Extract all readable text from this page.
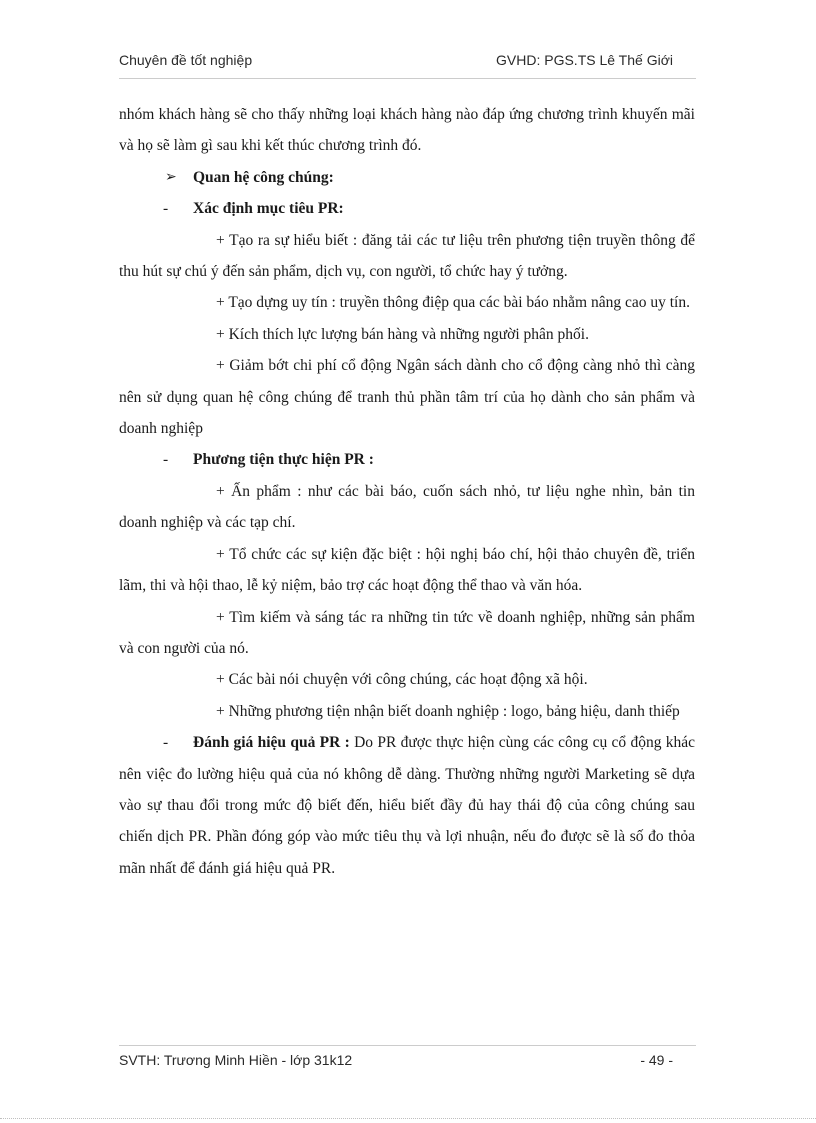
Chuyên đề tốt nghiệp	GVHD: PGS.TS Lê Thế Giới

nhóm khách hàng sẽ cho thấy những loại khách hàng nào đáp ứng chương trình khuyến mãi và họ sẽ làm gì sau khi kết thúc chương trình đó.

➢	Quan hệ công chúng:

- Xác định mục tiêu PR:

+ Tạo ra sự hiểu biết : đăng tải các tư liệu trên phương tiện truyền thông để thu hút sự chú ý đến sản phẩm, dịch vụ, con người, tổ chức hay ý tưởng.

+ Tạo dựng uy tín : truyền thông điệp qua các bài báo nhằm nâng cao uy tín.

+ Kích thích lực lượng bán hàng và những người phân phối.

+ Giảm bớt chi phí cổ động Ngân sách dành cho cổ động càng nhỏ thì càng nên sử dụng quan hệ công chúng để tranh thủ phần tâm trí của họ dành cho sản phẩm và doanh nghiệp

- Phương tiện thực hiện PR :

+ Ấn phẩm : như các bài báo, cuốn sách nhỏ, tư liệu nghe nhìn, bản tin doanh nghiệp và các tạp chí.

+ Tổ chức các sự kiện đặc biệt : hội nghị báo chí, hội thảo chuyên đề, triển lãm, thi và hội thao, lễ kỷ niệm, bảo trợ các hoạt động thể thao và văn hóa.

+ Tìm kiếm và sáng tác ra những tin tức về doanh nghiệp, những sản phẩm và con người của nó.

+ Các bài nói chuyện với công chúng, các hoạt động xã hội.

+ Những phương tiện nhận biết doanh nghiệp : logo, bảng hiệu, danh thiếp

- Đánh giá hiệu quả PR : Do PR được thực hiện cùng các công cụ cổ động khác nên việc đo lường hiệu quả của nó không dễ dàng. Thường những người Marketing sẽ dựa vào sự thau đổi trong mức độ biết đến, hiểu biết đầy đủ hay thái độ của công chúng sau chiến dịch PR. Phần đóng góp vào mức tiêu thụ và lợi nhuận, nếu đo được sẽ là số đo thỏa mãn nhất để đánh giá hiệu quả PR.

SVTH: Trương Minh Hiền - lớp 31k12	- 49 -
